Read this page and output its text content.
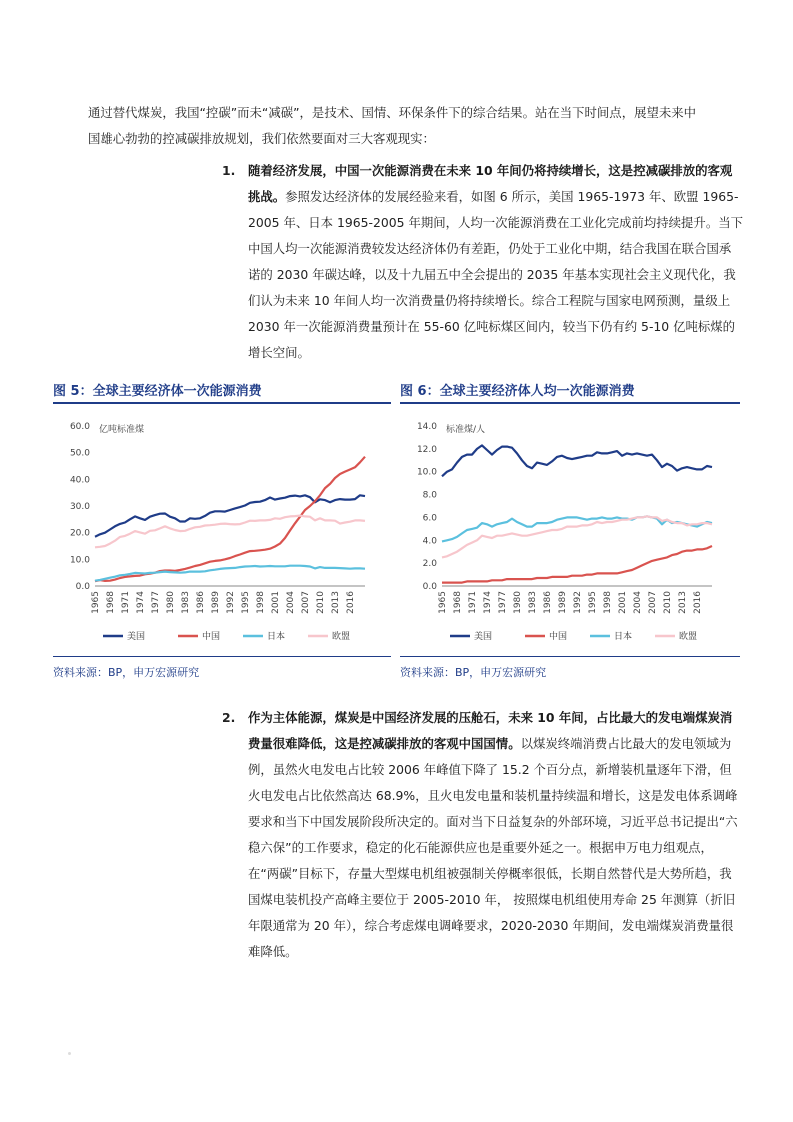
通过替代煤炭，我国“控碳”而未“减碳”，是技术、国情、环保条件下的综合结果。站在当下时间点，展望未来中国雄心勃勃的控减碳排放规划，我们依然要面对三大客观现实：
1. 随着经济发展，中国一次能源消费在未来 10 年间仍将持续增长，这是控减碳排放的客观挑战。参照发达经济体的发展经验来看，如图 6 所示，美国 1965-1973 年、欧盟 1965-2005 年、日本 1965-2005 年期间，人均一次能源消费在工业化完成前均持续提升。当下中国人均一次能源消费较发达经济体仍有差距，仍处于工业化中期，结合我国在联合国承诺的 2030 年碳达峰，以及十九届五中全会提出的 2035 年基本实现社会主义现代化，我们认为未来 10 年间人均一次消费量仍将持续增长。综合工程院与国家电网预测，量级上 2030 年一次能源消费量预计在 55-60 亿吨标煤区间内，较当下仍有约 5-10 亿吨标煤的增长空间。
图 5：全球主要经济体一次能源消费
亿吨标准煤
0.0
10.0
20.0
30.0
40.0
50.0
60.0
1965 1968 1971 1974 1977 1980 1983 1986 1989 1992 1995 1998 2001 2004 2007 2010 2013 2016
美国	中国	日本	欧盟
资料来源：BP，申万宏源研究
图 6：全球主要经济体人均一次能源消费
标准煤/人
0.0
2.0
4.0
6.0
8.0
10.0
12.0
14.0
1965 1968 1971 1974 1977 1980 1983 1986 1989 1992 1995 1998 2001 2004 2007 2010 2013 2016
美国	中国	日本	欧盟
资料来源：BP，申万宏源研究
2. 作为主体能源，煤炭是中国经济发展的压舱石，未来 10 年间，占比最大的发电端煤炭消费量很难降低，这是控减碳排放的客观中国国情。以煤炭终端消费占比最大的发电领域为例，虽然火电发电占比较 2006 年峰值下降了 15.2 个百分点，新增装机量逐年下滑，但火电发电占比依然高达 68.9%，且火电发电量和装机量持续温和增长，这是发电体系调峰要求和当下中国发展阶段所决定的。面对当下日益复杂的外部环境，习近平总书记提出“六稳六保”的工作要求，稳定的化石能源供应也是重要外延之一。根据申万电力组观点，在“两碳”目标下，存量大型煤电机组被强制关停概率很低，长期自然替代是大势所趋，我国煤电装机投产高峰主要位于 2005-2010 年， 按照煤电机组使用寿命 25 年测算（折旧年限通常为 20 年），综合考虑煤电调峰要求，2020-2030 年期间，发电端煤炭消费量很难降低。
